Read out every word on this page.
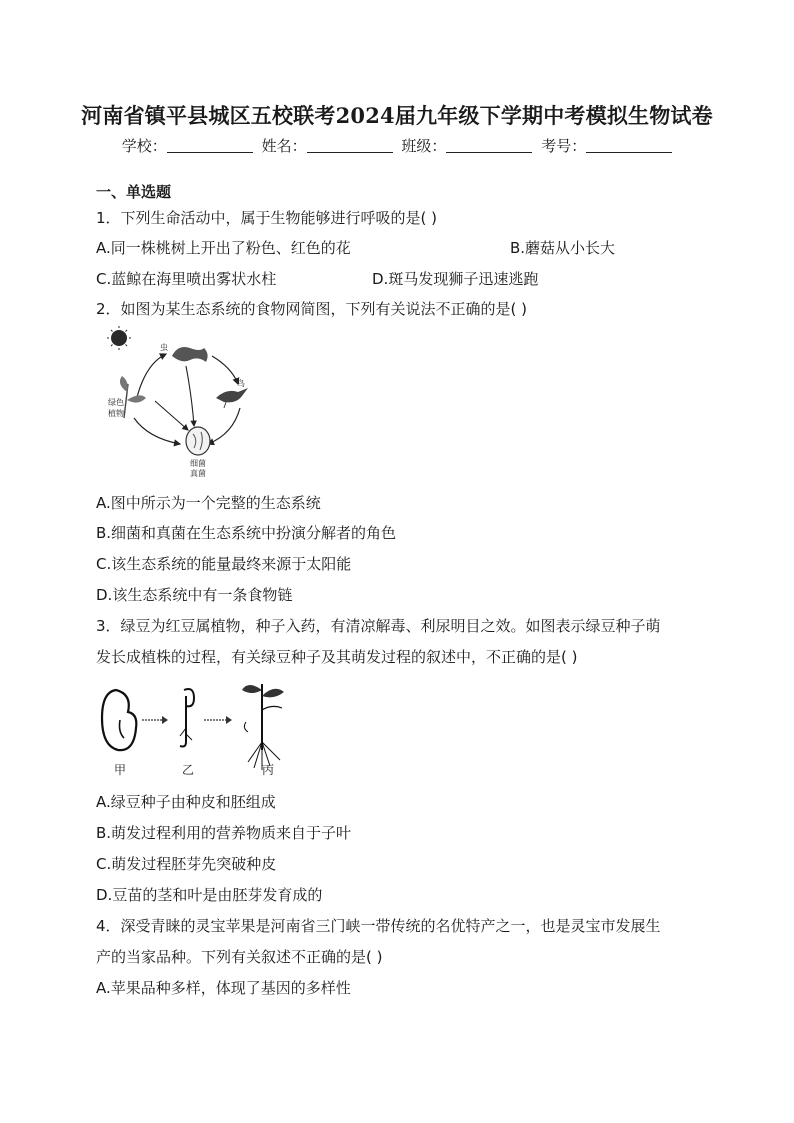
河南省镇平县城区五校联考2024届九年级下学期中考模拟生物试卷
学校：	姓名：	班级：	考号：
一、单选题
1．下列生命活动中，属于生物能够进行呼吸的是( )
A.同一株桃树上开出了粉色、红色的花	B.蘑菇从小长大
C.蓝鲸在海里喷出雾状水柱	D.斑马发现狮子迅速逃跑
2．如图为某生态系统的食物网简图，下列有关说法不正确的是( )
虫
鸟
绿色
植物
细菌
真菌
A.图中所示为一个完整的生态系统
B.细菌和真菌在生态系统中扮演分解者的角色
C.该生态系统的能量最终来源于太阳能
D.该生态系统中有一条食物链
3．绿豆为红豆属植物，种子入药，有清凉解毒、利尿明目之效。如图表示绿豆种子萌
发长成植株的过程，有关绿豆种子及其萌发过程的叙述中，不正确的是( )
甲	乙	丙
A.绿豆种子由种皮和胚组成
B.萌发过程利用的营养物质来自于子叶
C.萌发过程胚芽先突破种皮
D.豆苗的茎和叶是由胚芽发育成的
4．深受青睐的灵宝苹果是河南省三门峡一带传统的名优特产之一，也是灵宝市发展生
产的当家品种。下列有关叙述不正确的是( )
A.苹果品种多样，体现了基因的多样性
